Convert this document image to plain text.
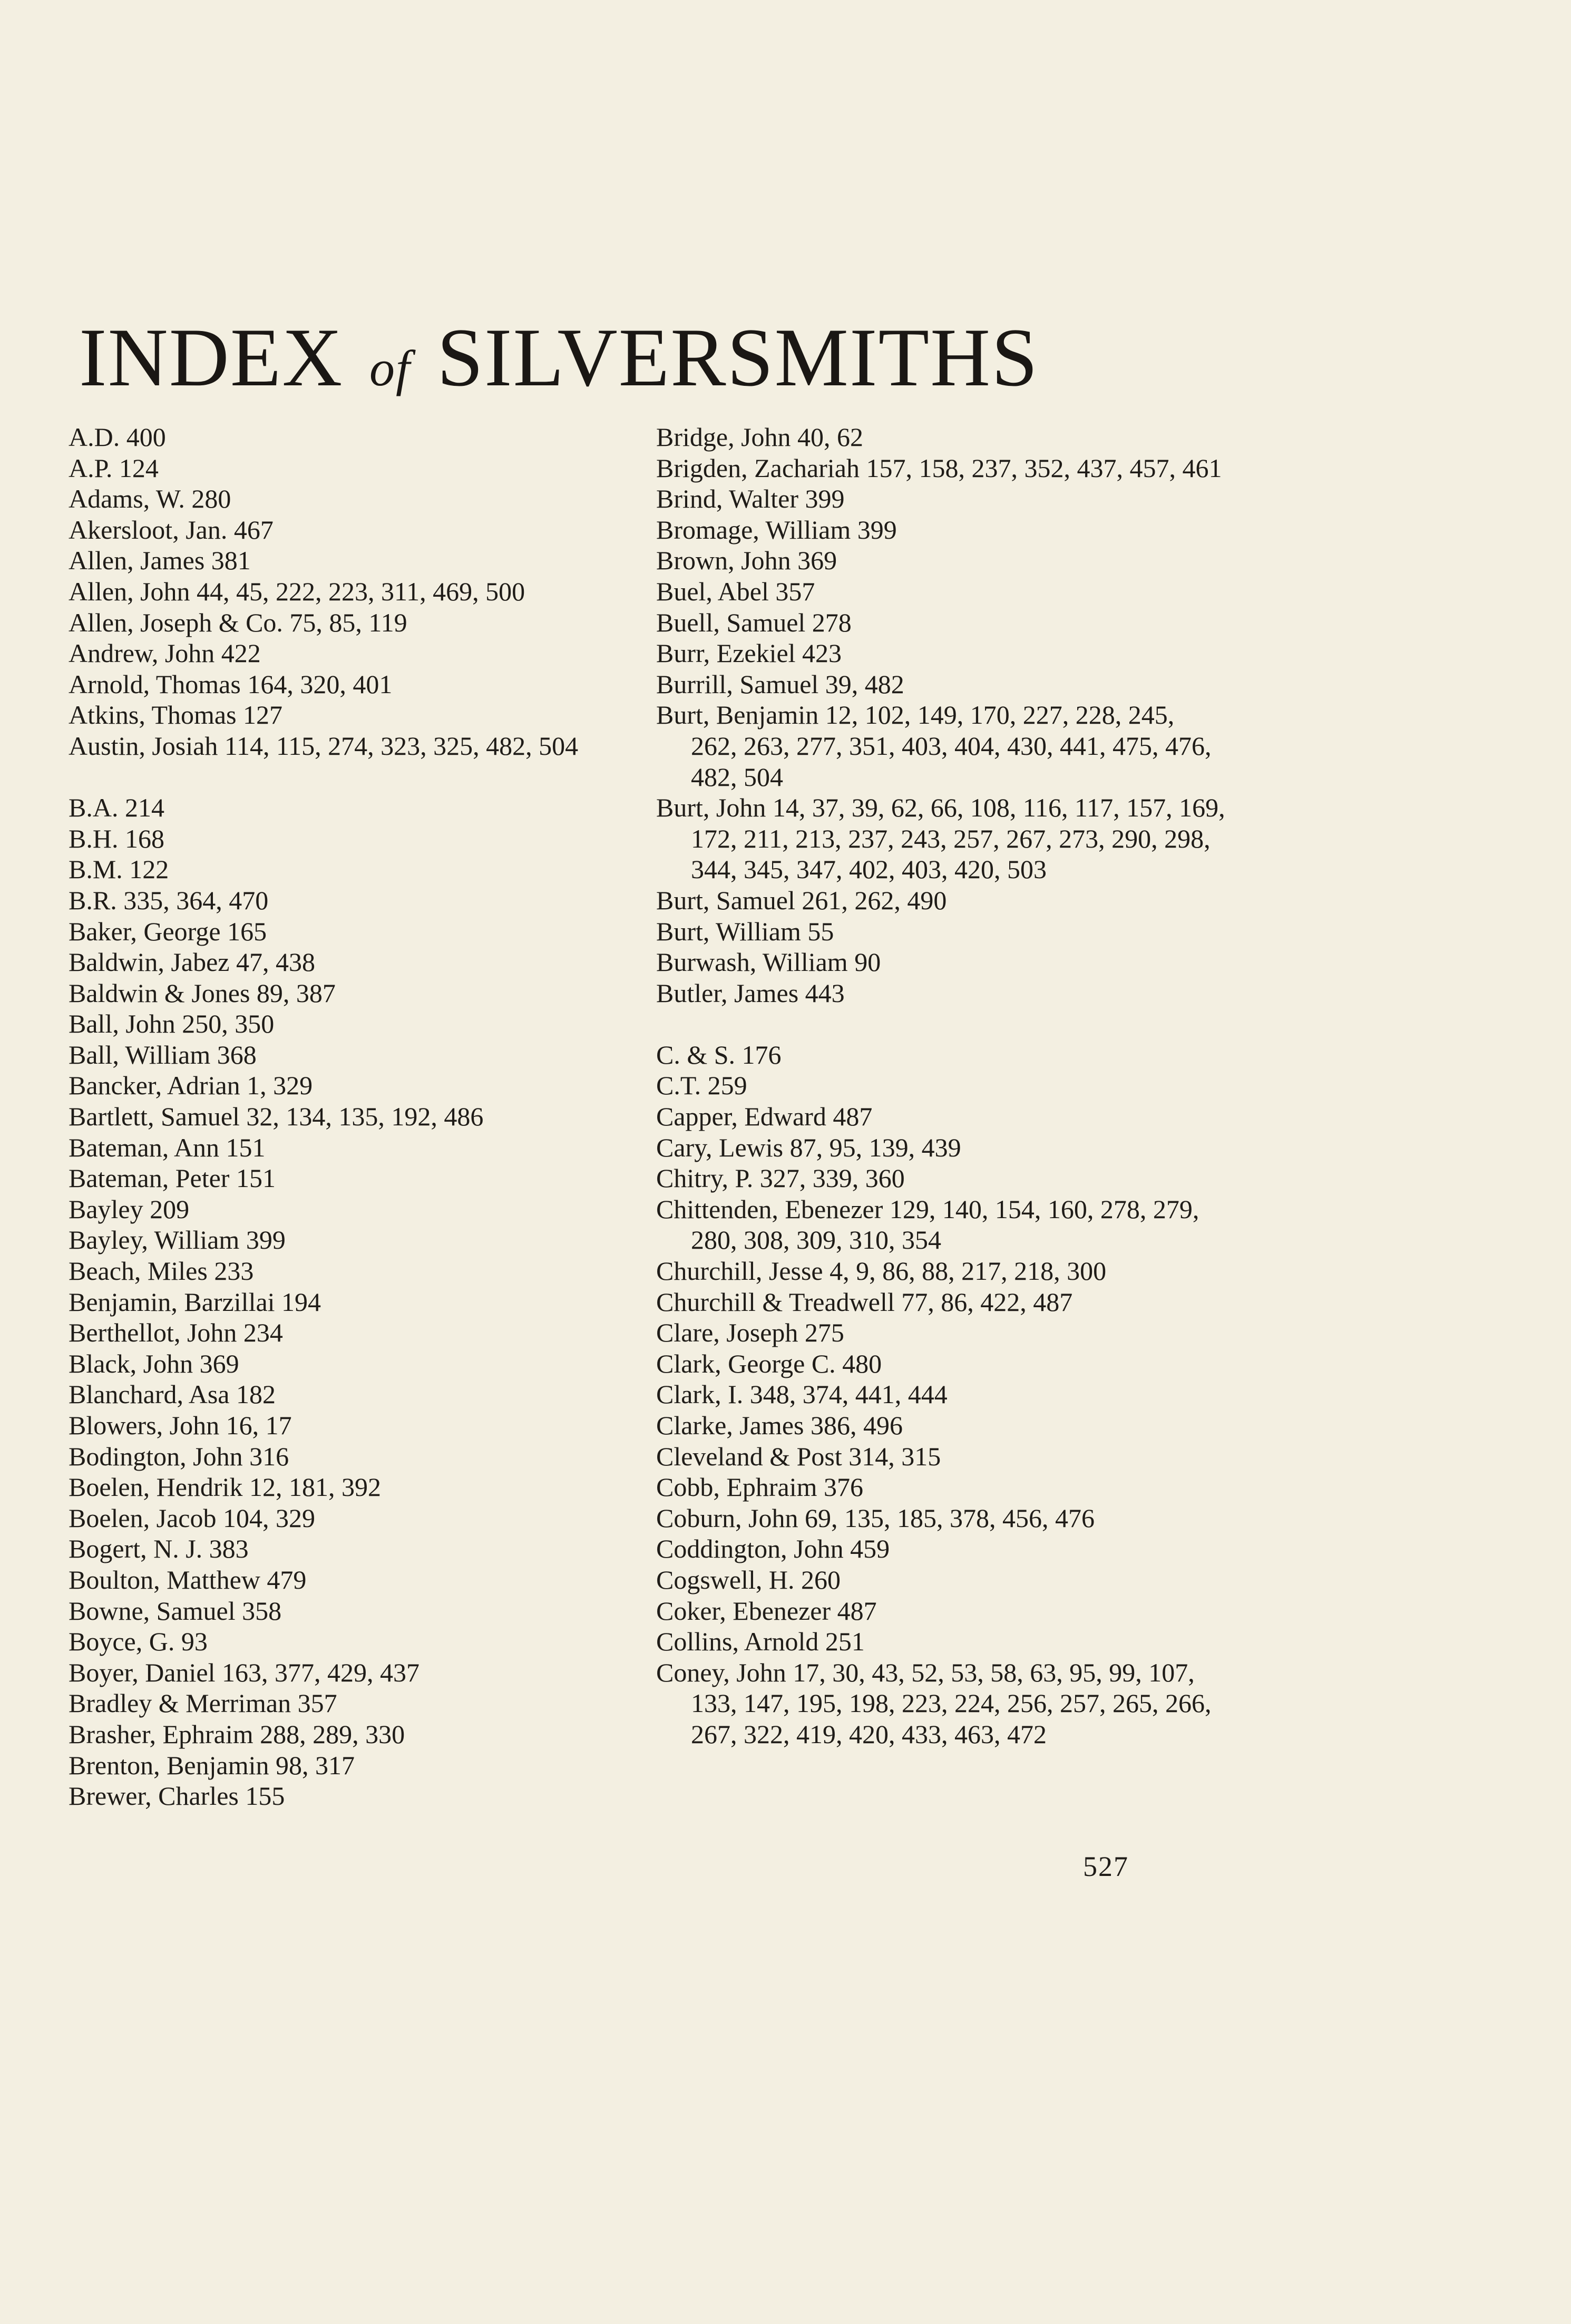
INDEX of SILVERSMITHS
A.D. 400
A.P. 124
Adams, W. 280
Akersloot, Jan. 467
Allen, James 381
Allen, John 44, 45, 222, 223, 311, 469, 500
Allen, Joseph & Co. 75, 85, 119
Andrew, John 422
Arnold, Thomas 164, 320, 401
Atkins, Thomas 127
Austin, Josiah 114, 115, 274, 323, 325, 482, 504
B.A. 214
B.H. 168
B.M. 122
B.R. 335, 364, 470
Baker, George 165
Baldwin, Jabez 47, 438
Baldwin & Jones 89, 387
Ball, John 250, 350
Ball, William 368
Bancker, Adrian 1, 329
Bartlett, Samuel 32, 134, 135, 192, 486
Bateman, Ann 151
Bateman, Peter 151
Bayley 209
Bayley, William 399
Beach, Miles 233
Benjamin, Barzillai 194
Berthellot, John 234
Black, John 369
Blanchard, Asa 182
Blowers, John 16, 17
Bodington, John 316
Boelen, Hendrik 12, 181, 392
Boelen, Jacob 104, 329
Bogert, N. J. 383
Boulton, Matthew 479
Bowne, Samuel 358
Boyce, G. 93
Boyer, Daniel 163, 377, 429, 437
Bradley & Merriman 357
Brasher, Ephraim 288, 289, 330
Brenton, Benjamin 98, 317
Brewer, Charles 155
Bridge, John 40, 62
Brigden, Zachariah 157, 158, 237, 352, 437, 457, 461
Brind, Walter 399
Bromage, William 399
Brown, John 369
Buel, Abel 357
Buell, Samuel 278
Burr, Ezekiel 423
Burrill, Samuel 39, 482
Burt, Benjamin 12, 102, 149, 170, 227, 228, 245, 262, 263, 277, 351, 403, 404, 430, 441, 475, 476, 482, 504
Burt, John 14, 37, 39, 62, 66, 108, 116, 117, 157, 169, 172, 211, 213, 237, 243, 257, 267, 273, 290, 298, 344, 345, 347, 402, 403, 420, 503
Burt, Samuel 261, 262, 490
Burt, William 55
Burwash, William 90
Butler, James 443
C. & S. 176
C.T. 259
Capper, Edward 487
Cary, Lewis 87, 95, 139, 439
Chitry, P. 327, 339, 360
Chittenden, Ebenezer 129, 140, 154, 160, 278, 279, 280, 308, 309, 310, 354
Churchill, Jesse 4, 9, 86, 88, 217, 218, 300
Churchill & Treadwell 77, 86, 422, 487
Clare, Joseph 275
Clark, George C. 480
Clark, I. 348, 374, 441, 444
Clarke, James 386, 496
Cleveland & Post 314, 315
Cobb, Ephraim 376
Coburn, John 69, 135, 185, 378, 456, 476
Coddington, John 459
Cogswell, H. 260
Coker, Ebenezer 487
Collins, Arnold 251
Coney, John 17, 30, 43, 52, 53, 58, 63, 95, 99, 107, 133, 147, 195, 198, 223, 224, 256, 257, 265, 266, 267, 322, 419, 420, 433, 463, 472
527
